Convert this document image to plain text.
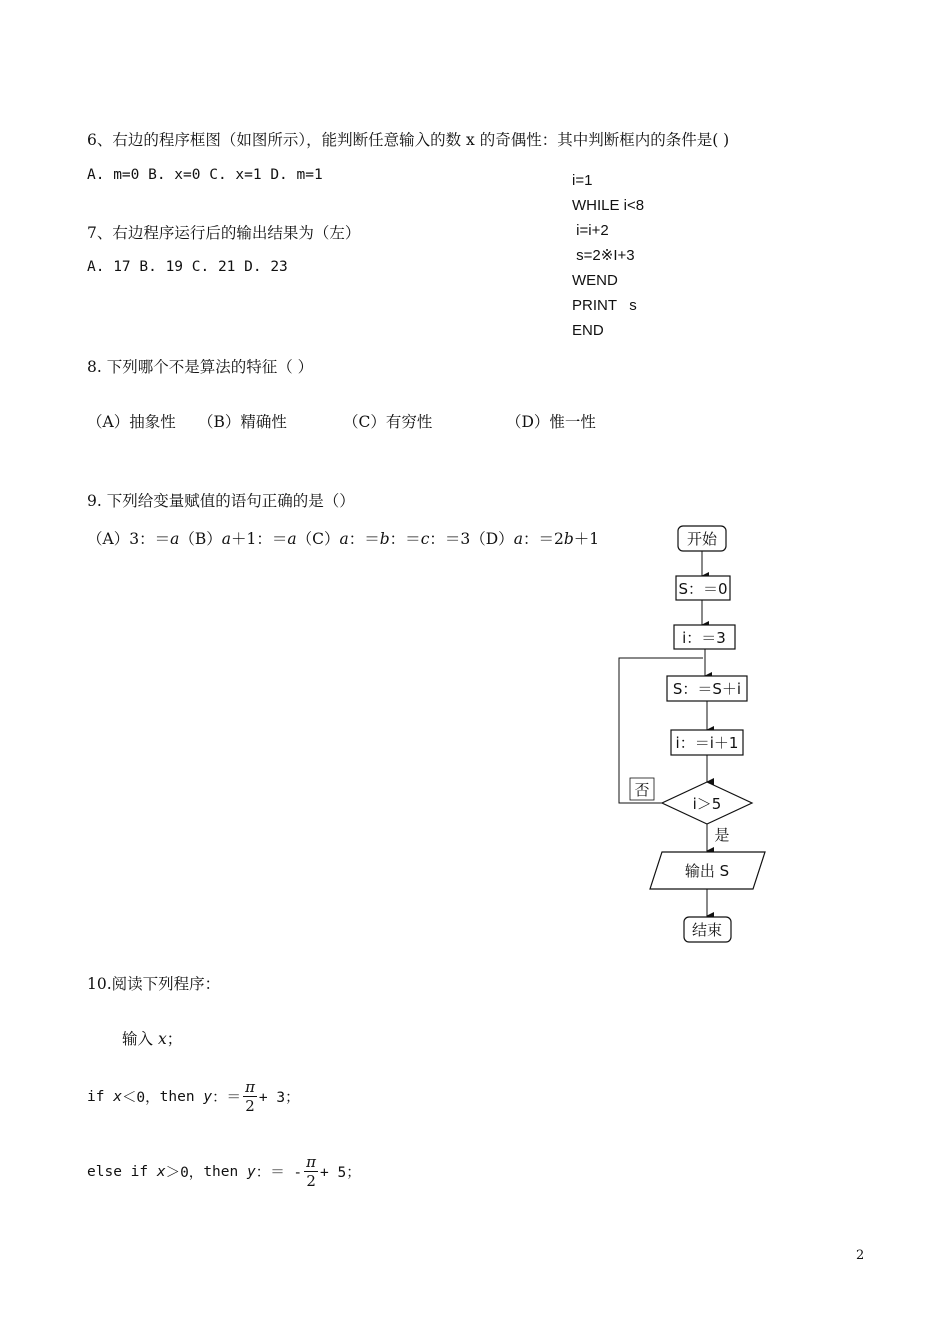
6、右边的程序框图（如图所示），能判断任意输入的数 x 的奇偶性：其中判断框内的条件是( )
A. m=0 B. x=0 C. x=1 D. m=1
7、右边程序运行后的输出结果为（左）
A. 17 B. 19 C. 21 D. 23
i=1
WHILE i<8
i=i+2
s=2※I+3
WEND
PRINT   s
END
8. 下列哪个不是算法的特征（ ）
（A）抽象性 （B）精确性	（C）有穷性	（D）惟一性
9. 下列给变量赋值的语句正确的是（）
（A）3：＝a（B）a＋1：＝a（C）a：＝b：＝c：＝3（D）a：＝2b＋1	开始
S：＝0
i：＝3
S：＝S＋i
i：＝i＋1
i＞5
否
是
输出 S
结束
10.阅读下列程序：
输入 x；
if
x ＜0， then
y ：＝ $\frac{\pi}{2} + 3$；
else if
x ＞0， then
y ：＝ - $\frac{\pi}{2} + 5$；
2
